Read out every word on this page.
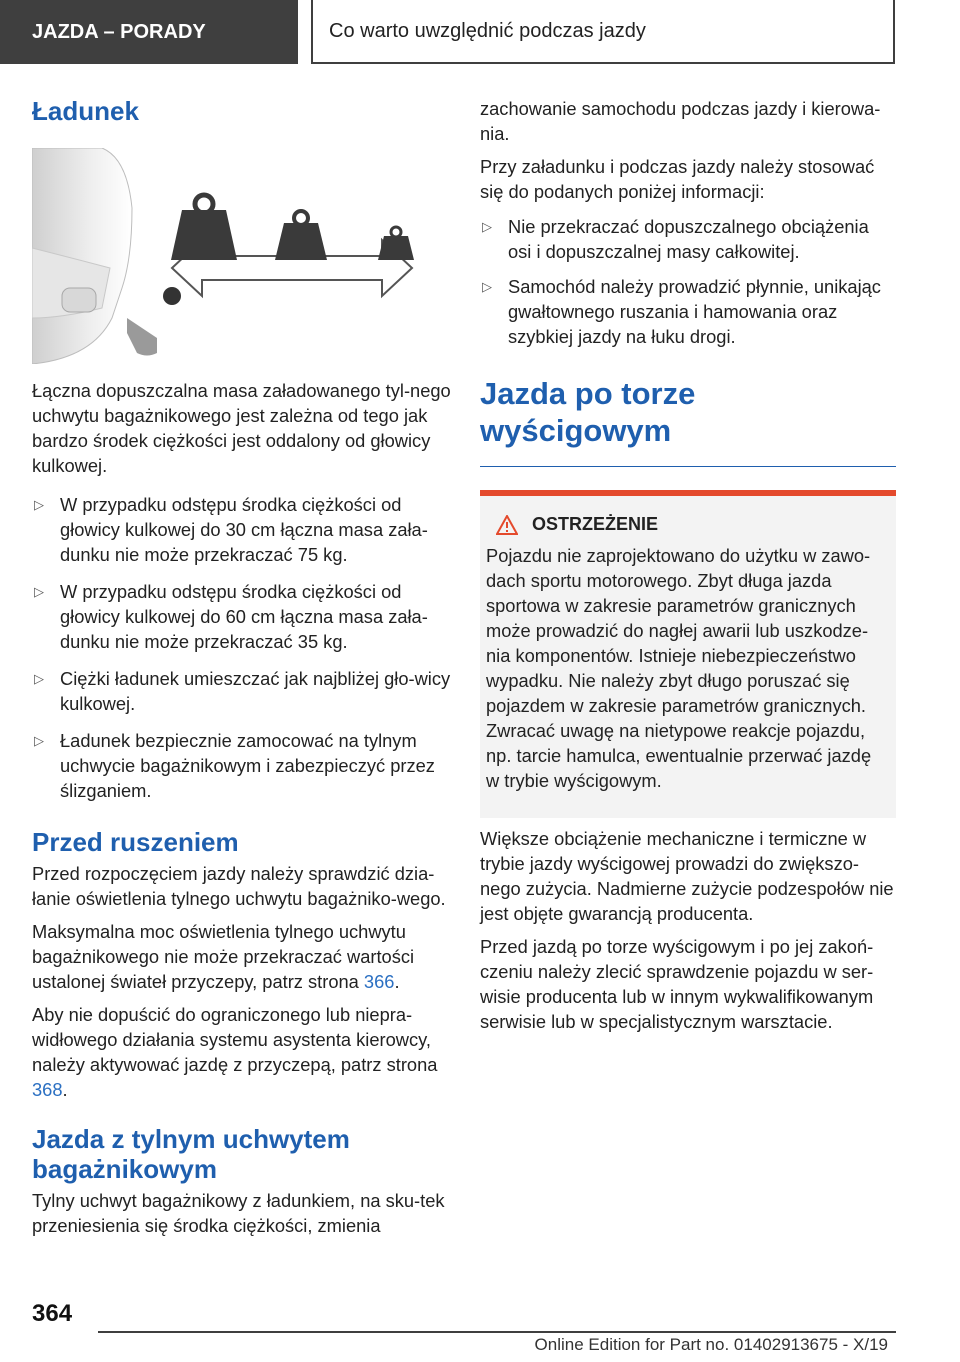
JAZDA – PORADY	Co warto uwzględnić podczas jazdy
Ładunek

Łączna dopuszczalna masa załadowanego tyl-nego uchwytu bagażnikowego jest zależna od tego jak bardzo środek ciężkości jest oddalony od głowicy kulkowej.

▷ W przypadku odstępu środka ciężkości od głowicy kulkowej do 30 cm łączna masa zała-dunku nie może przekraczać 75 kg.
▷ W przypadku odstępu środka ciężkości od głowicy kulkowej do 60 cm łączna masa zała-dunku nie może przekraczać 35 kg.
▷ Ciężki ładunek umieszczać jak najbliżej gło-wicy kulkowej.
▷ Ładunek bezpiecznie zamocować na tylnym uchwycie bagażnikowym i zabezpieczyć przez ślizganiem.
Przed ruszeniem

Przed rozpoczęciem jazdy należy sprawdzić dzia-łanie oświetlenia tylnego uchwytu bagażniko-wego.

Maksymalna moc oświetlenia tylnego uchwytu bagażnikowego nie może przekraczać wartości ustalonej świateł przyczepy, patrz strona 366.

Aby nie dopuścić do ograniczonego lub niepra-widłowego działania systemu asystenta kierowcy, należy aktywować jazdę z przyczepą, patrz strona 368.

Jazda z tylnym uchwytem bagażnikowym

Tylny uchwyt bagażnikowy z ładunkiem, na sku-tek przeniesienia się środka ciężkości, zmienia

zachowanie samochodu podczas jazdy i kierowa-nia.

Przy załadunku i podczas jazdy należy stosować się do podanych poniżej informacji:

▷ Nie przekraczać dopuszczalnego obciążenia osi i dopuszczalnej masy całkowitej.
▷ Samochód należy prowadzić płynnie, unikając gwałtownego ruszania i hamowania oraz szybkiej jazdy na łuku drogi.
Jazda po torze wyścigowym
OSTRZEŻENIE

Pojazdu nie zaprojektowano do użytku w zawo-dach sportu motorowego. Zbyt długa jazda sportowa w zakresie parametrów granicznych może prowadzić do nagłej awarii lub uszkodze-nia komponentów. Istnieje niebezpieczeństwo wypadku. Nie należy zbyt długo poruszać się pojazdem w zakresie parametrów granicznych. Zwracać uwagę na nietypowe reakcje pojazdu, np. tarcie hamulca, ewentualnie przerwać jazdę w trybie wyścigowym.

Większe obciążenie mechaniczne i termiczne w trybie jazdy wyścigowej prowadzi do zwiększo-nego zużycia. Nadmierne zużycie podzespołów nie jest objęte gwarancją producenta.

Przed jazdą po torze wyścigowym i po jej zakoń-czeniu należy zlecić sprawdzenie pojazdu w ser-wisie producenta lub w innym wykwalifikowanym serwisie lub w specjalistycznym warsztacie.

364
Online Edition for Part no. 01402913675 - X/19
